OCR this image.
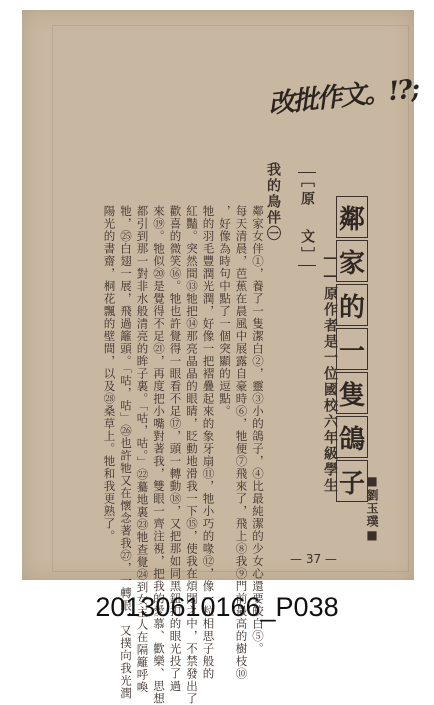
鄰
家
的
一
隻
鴿
子
——原作者是一位國校六年級學生
■劉玉璞■
［原 文］
改批作文。!?;
我的鳥伴㊀
鄰家女伴①，養了一隻潔白②，靈③小的鴿子，④比最純潔的少女心還要皎白⑤。
每天清晨，芭蕉在晨風中展露自豪時⑥，牠便⑦飛來了，飛上⑧我⑨門前最高的樹枝⑩
，好像為時句中點了一個突顯的逗點。
牠的羽毛豐潤光潤，好像一把褶疊起來的象牙扇⑪，牠小巧的喙⑫，像一粒相思子般的
紅豔。突然間⑬牠把⑭那亮晶晶的眼睛，眨動地滑我一下⑮，使我在煩悶之中，不禁發出了
歡喜的微笑⑯。牠也許覺得一眼看不足⑰，頭一轉動⑱，又把那如同黑鈕扣的眼光投了過
來⑲。牠似⑳是覺得不足㉑，再度把小嘴對著我，雙眼一齊注視，把我的愛慕、歡樂、思想
都引到那一對非水般清亮的眸子裏。「咕，咕。」㉒驀地裏㉓牠查覺㉔到女主人在隔籬呼喚
牠，㉕白翅一展，飛過籬頭。「咕，咕」㉖也許牠又在懷念著我㉗，一轉眼，又撲向我光潤
陽光的書齋，桐花飄的壁間，以及㉘桑草上。牠和我更熟了。
— 37 —
20130610166_P038
